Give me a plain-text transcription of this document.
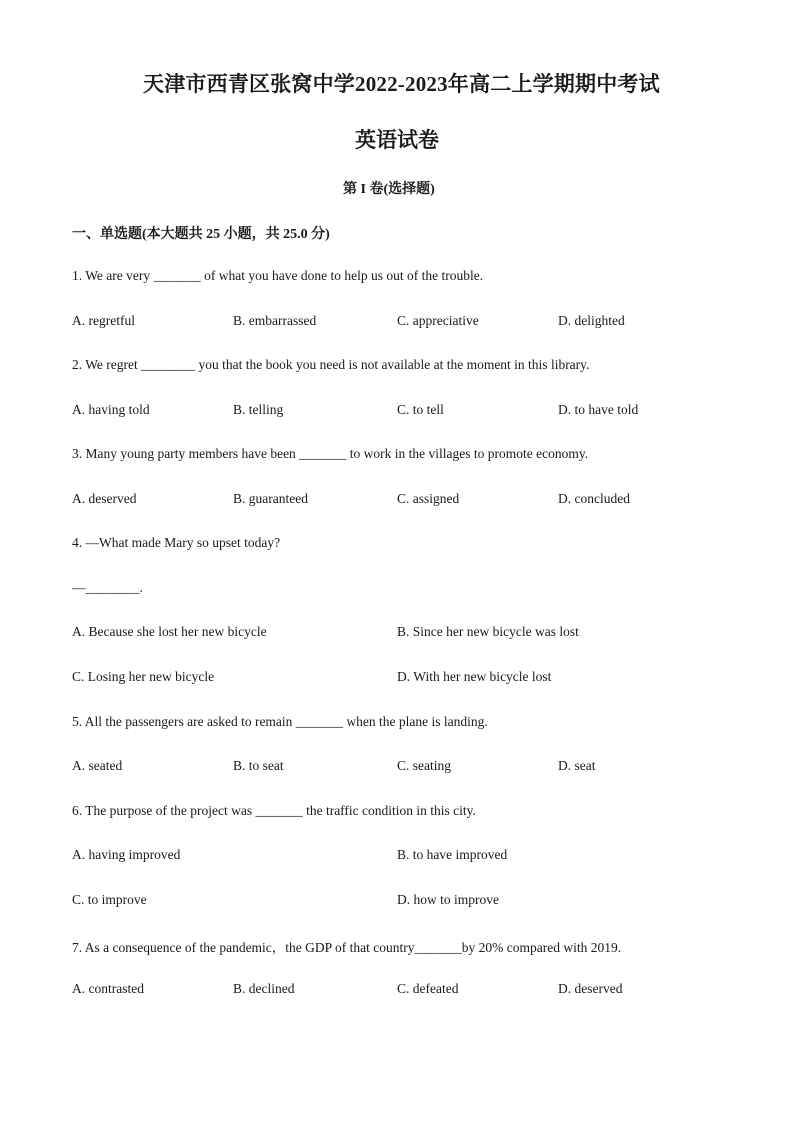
天津市西青区张窝中学2022-2023年高二上学期期中考试
英语试卷
第 I 卷(选择题)
一、单选题(本大题共 25 小题，共 25.0 分)
1. We are very _______ of what you have done to help us out of the trouble.
A. regretful	B. embarrassed	C. appreciative	D. delighted
2. We regret ________ you that the book you need is not available at the moment in this library.
A. having told	B. telling	C. to tell	D. to have told
3. Many young party members have been _______ to work in the villages to promote economy.
A. deserved	B. guaranteed	C. assigned	D. concluded
4. —What made Mary so upset today?
—________.
A. Because she lost her new bicycle	B. Since her new bicycle was lost
C. Losing her new bicycle	D. With her new bicycle lost
5. All the passengers are asked to remain _______ when the plane is landing.
A. seated	B. to seat	C. seating	D. seat
6. The purpose of the project was _______ the traffic condition in this city.
A. having improved	B. to have improved
C. to improve	D. how to improve
7. As a consequence of the pandemic，the GDP of that country_______by 20% compared with 2019.
A. contrasted	B. declined	C. defeated	D. deserved
